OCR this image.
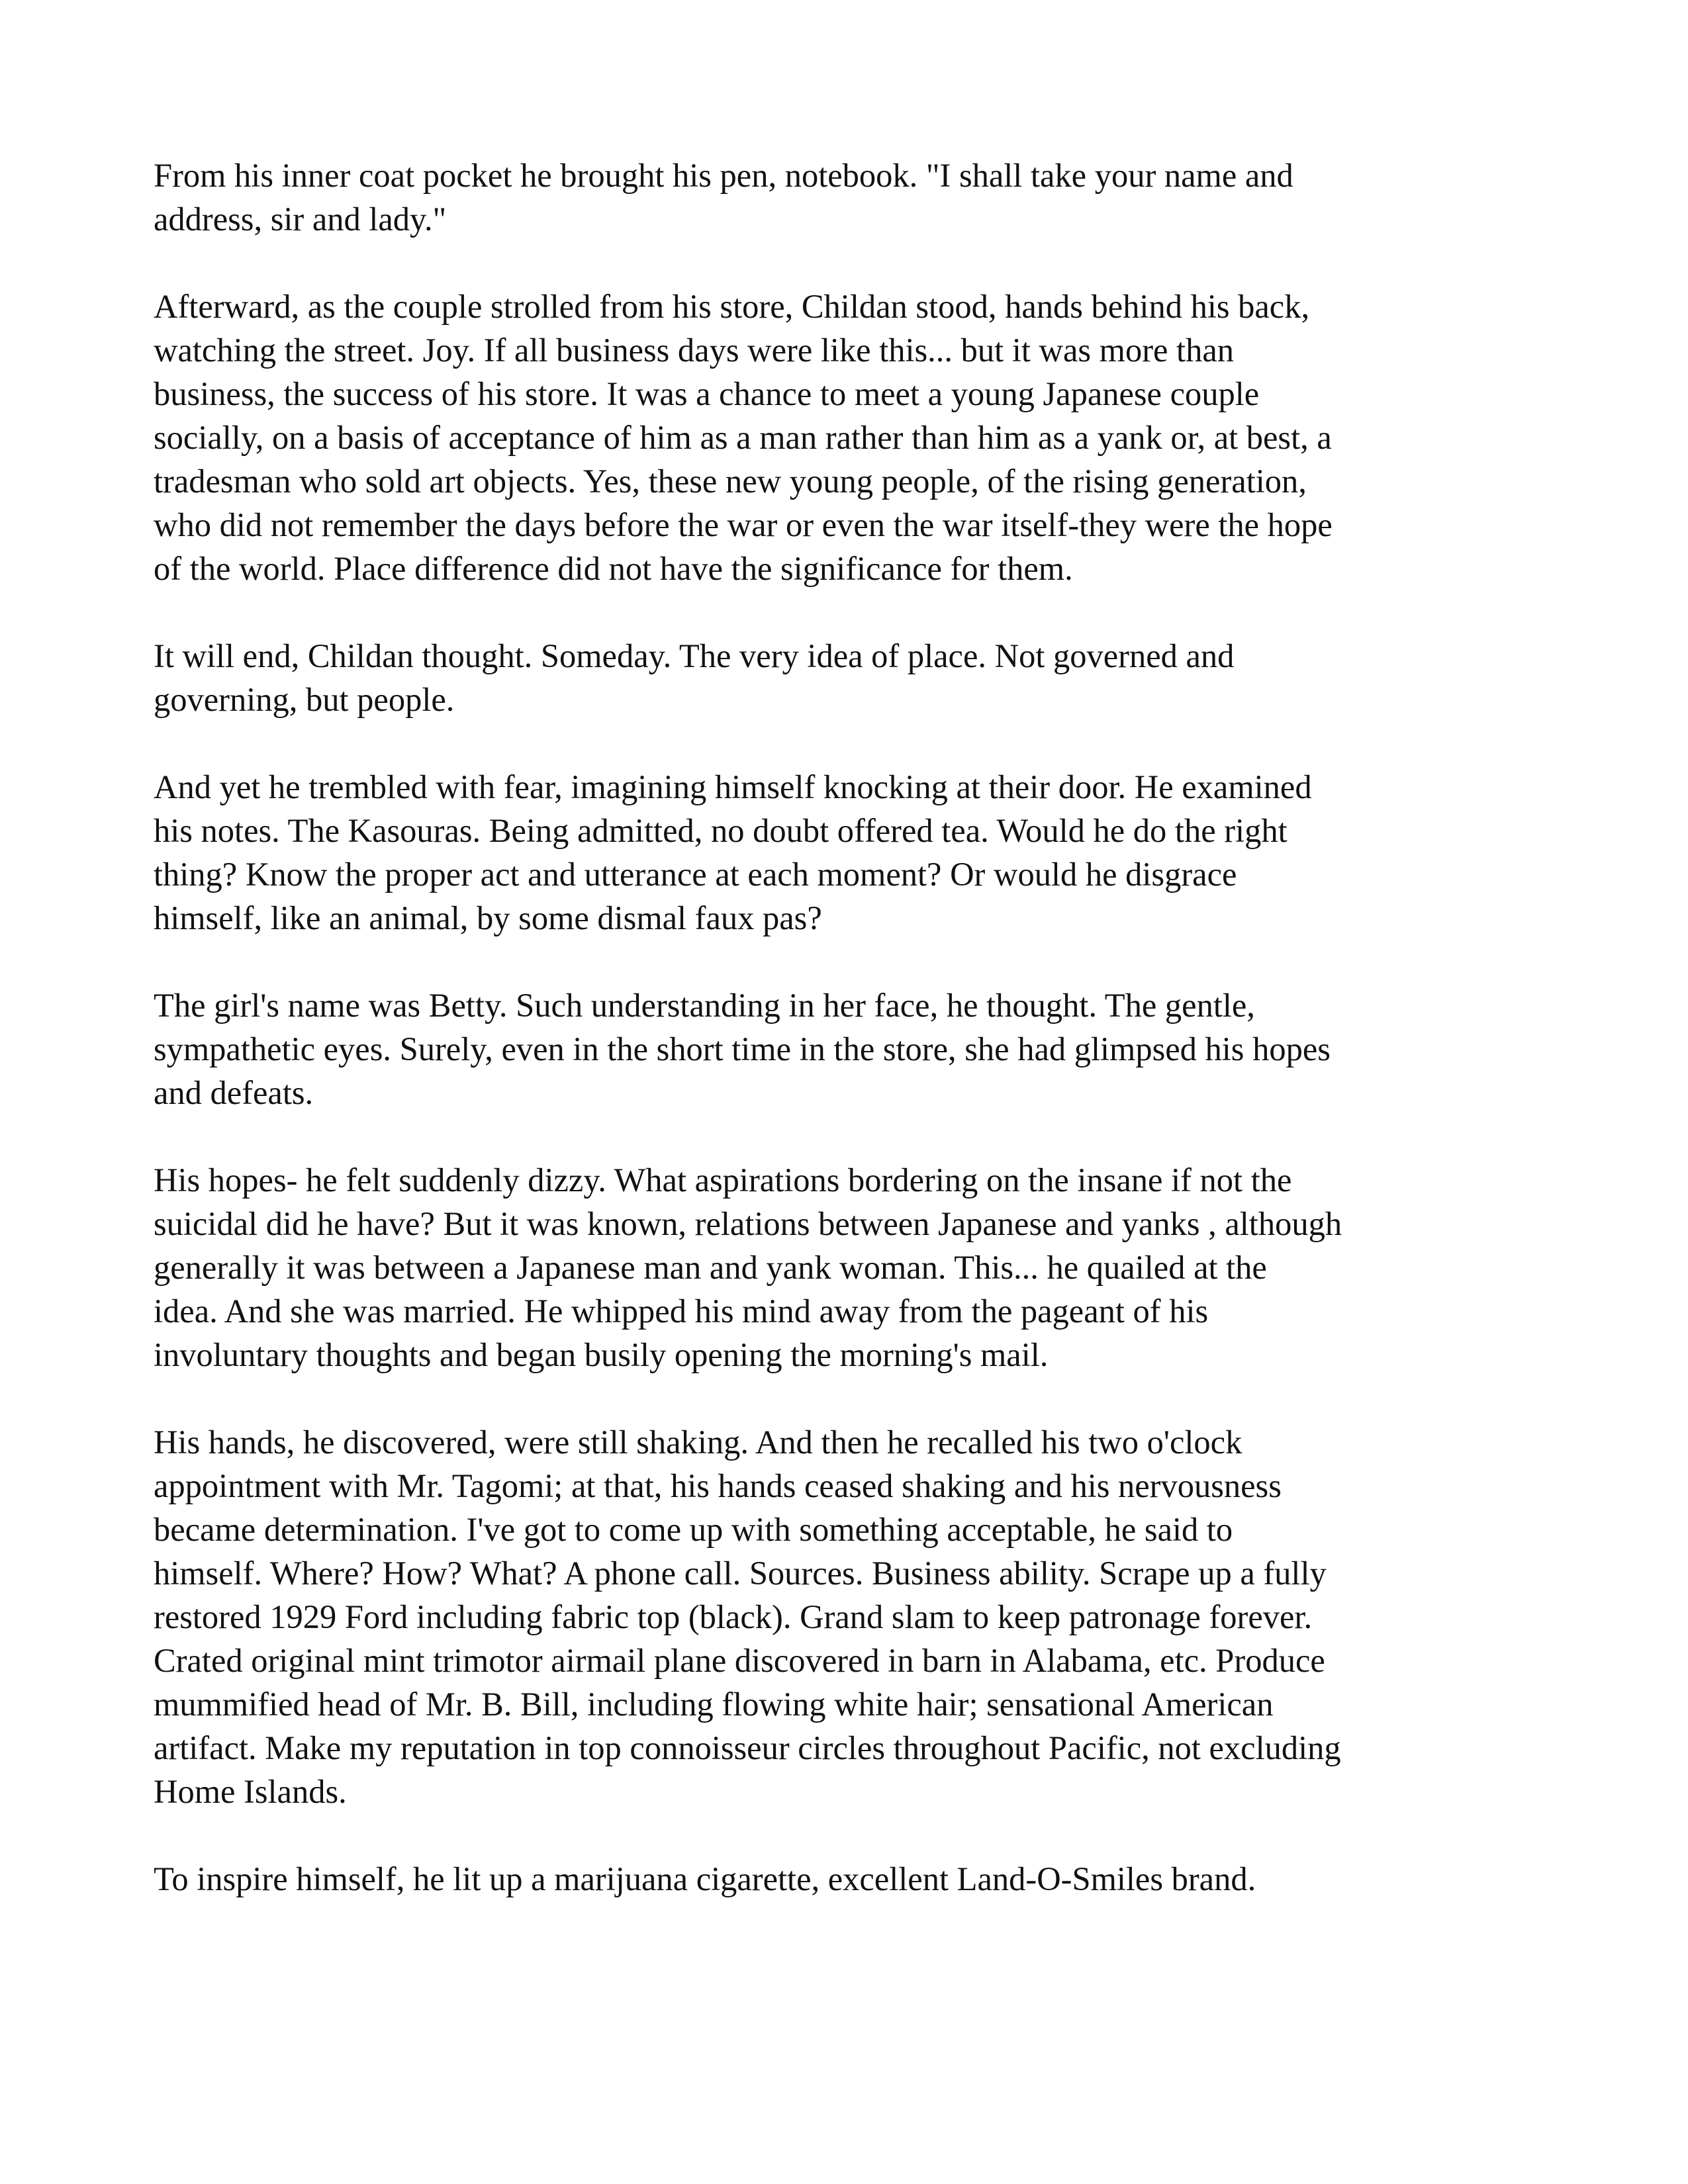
From his inner coat pocket he brought his pen, notebook. "I shall take your name and
address, sir and lady."

Afterward, as the couple strolled from his store, Childan stood, hands behind his back,
watching the street. Joy. If all business days were like this... but it was more than
business, the success of his store. It was a chance to meet a young Japanese couple
socially, on a basis of acceptance of him as a man rather than him as a yank or, at best, a
tradesman who sold art objects. Yes, these new young people, of the rising generation,
who did not remember the days before the war or even the war itself-they were the hope
of the world. Place difference did not have the significance for them.

It will end, Childan thought. Someday. The very idea of place. Not governed and
governing, but people.

And yet he trembled with fear, imagining himself knocking at their door. He examined
his notes. The Kasouras. Being admitted, no doubt offered tea. Would he do the right
thing? Know the proper act and utterance at each moment? Or would he disgrace
himself, like an animal, by some dismal faux pas?

The girl's name was Betty. Such understanding in her face, he thought. The gentle,
sympathetic eyes. Surely, even in the short time in the store, she had glimpsed his hopes
and defeats.

His hopes- he felt suddenly dizzy. What aspirations bordering on the insane if not the
suicidal did he have? But it was known, relations between Japanese and yanks , although
generally it was between a Japanese man and yank woman. This... he quailed at the
idea. And she was married. He whipped his mind away from the pageant of his
involuntary thoughts and began busily opening the morning's mail.

His hands, he discovered, were still shaking. And then he recalled his two o'clock
appointment with Mr. Tagomi; at that, his hands ceased shaking and his nervousness
became determination. I've got to come up with something acceptable, he said to
himself. Where? How? What? A phone call. Sources. Business ability. Scrape up a fully
restored 1929 Ford including fabric top (black). Grand slam to keep patronage forever.
Crated original mint trimotor airmail plane discovered in barn in Alabama, etc. Produce
mummified head of Mr. B. Bill, including flowing white hair; sensational American
artifact. Make my reputation in top connoisseur circles throughout Pacific, not excluding
Home Islands.

To inspire himself, he lit up a marijuana cigarette, excellent Land-O-Smiles brand.
